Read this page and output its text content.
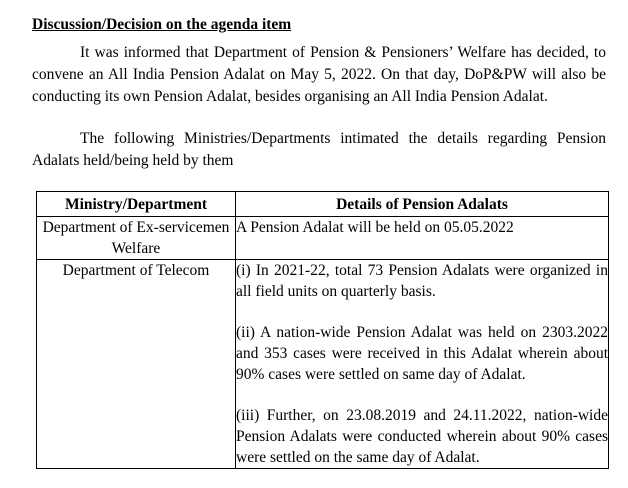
Discussion/Decision on the agenda item

It was informed that Department of Pension & Pensioners’ Welfare has decided, to convene an All India Pension Adalat on May 5, 2022. On that day, DoP&PW will also be conducting its own Pension Adalat, besides organising an All India Pension Adalat.

The following Ministries/Departments intimated the details regarding Pension Adalats held/being held by them

Ministry/Department	Details of Pension Adalats
Department of Ex-servicemen Welfare	A Pension Adalat will be held on 05.05.2022

Department of Telecom	(i) In 2021-22, total 73 Pension Adalats were organized in all field units on quarterly basis.

(ii) A nation-wide Pension Adalat was held on 2303.2022 and 353 cases were received in this Adalat wherein about 90% cases were settled on same day of Adalat.

(iii) Further, on 23.08.2019 and 24.11.2022, nation-wide Pension Adalats were conducted wherein about 90% cases were settled on the same day of Adalat.
